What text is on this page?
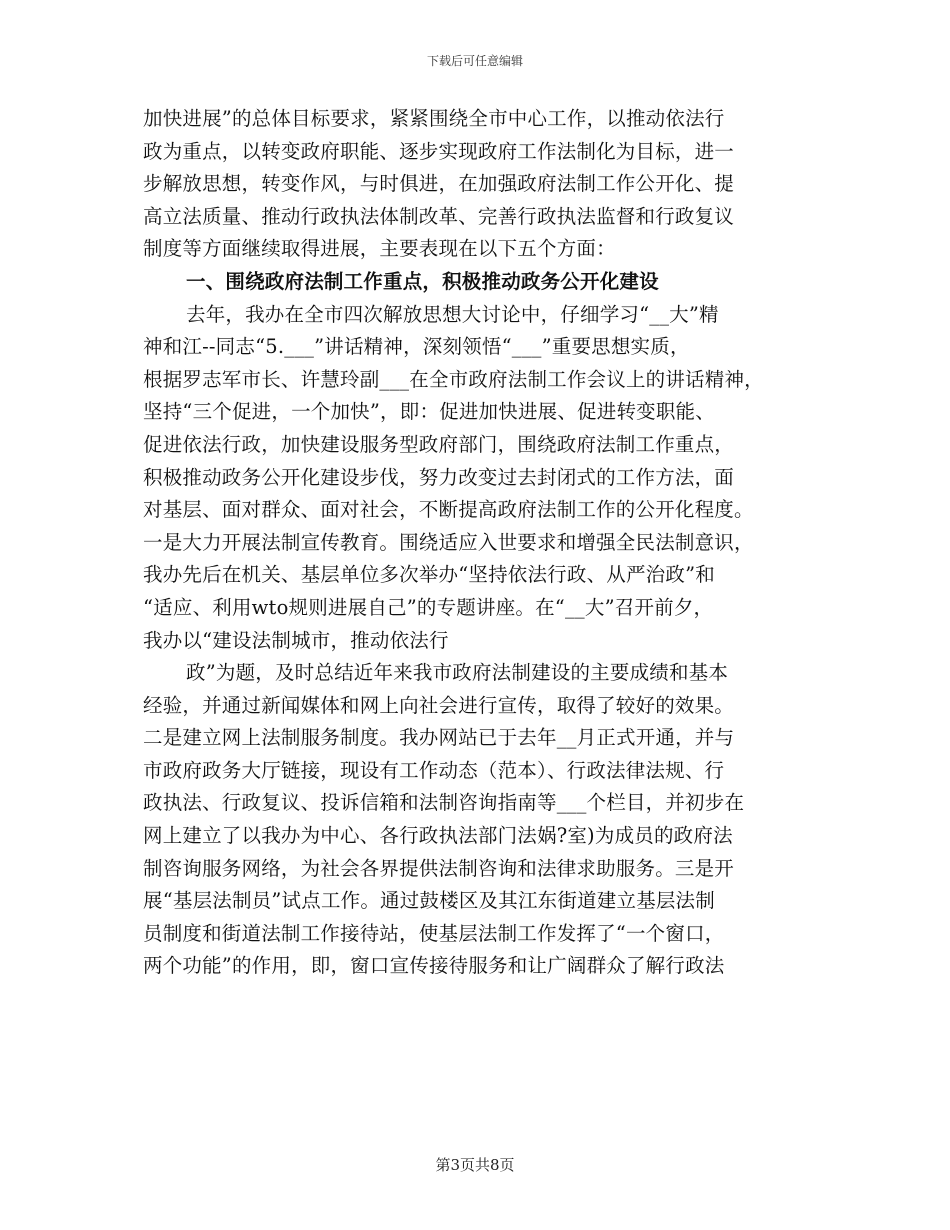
下载后可任意编辑
加快进展”的总体目标要求，紧紧围绕全市中心工作，以推动依法行
政为重点，以转变政府职能、逐步实现政府工作法制化为目标，进一
步解放思想，转变作风，与时俱进，在加强政府法制工作公开化、提
高立法质量、推动行政执法体制改革、完善行政执法监督和行政复议
制度等方面继续取得进展，主要表现在以下五个方面：
一、围绕政府法制工作重点，积极推动政务公开化建设
去年，我办在全市四次解放思想大讨论中，仔细学习“__大”精
神和江--同志“5.___”讲话精神，深刻领悟“___”重要思想实质，
根据罗志军市长、许慧玲副___在全市政府法制工作会议上的讲话精神，
坚持“三个促进，一个加快”，即：促进加快进展、促进转变职能、
促进依法行政，加快建设服务型政府部门，围绕政府法制工作重点，
积极推动政务公开化建设步伐，努力改变过去封闭式的工作方法，面
对基层、面对群众、面对社会，不断提高政府法制工作的公开化程度。
一是大力开展法制宣传教育。围绕适应入世要求和增强全民法制意识，
我办先后在机关、基层单位多次举办“坚持依法行政、从严治政”和
“适应、利用wto规则进展自己”的专题讲座。在“__大”召开前夕，
我办以“建设法制城市，推动依法行
政”为题，及时总结近年来我市政府法制建设的主要成绩和基本
经验，并通过新闻媒体和网上向社会进行宣传，取得了较好的效果。
二是建立网上法制服务制度。我办网站已于去年__月正式开通，并与
市政府政务大厅链接，现设有工作动态（范本）、行政法律法规、行
政执法、行政复议、投诉信箱和法制咨询指南等___个栏目，并初步在
网上建立了以我办为中心、各行政执法部门法娲?室)为成员的政府法
制咨询服务网络，为社会各界提供法制咨询和法律求助服务。三是开
展“基层法制员”试点工作。通过鼓楼区及其江东街道建立基层法制
员制度和街道法制工作接待站，使基层法制工作发挥了“一个窗口，
两个功能”的作用，即，窗口宣传接待服务和让广阔群众了解行政法
第3页共8页
